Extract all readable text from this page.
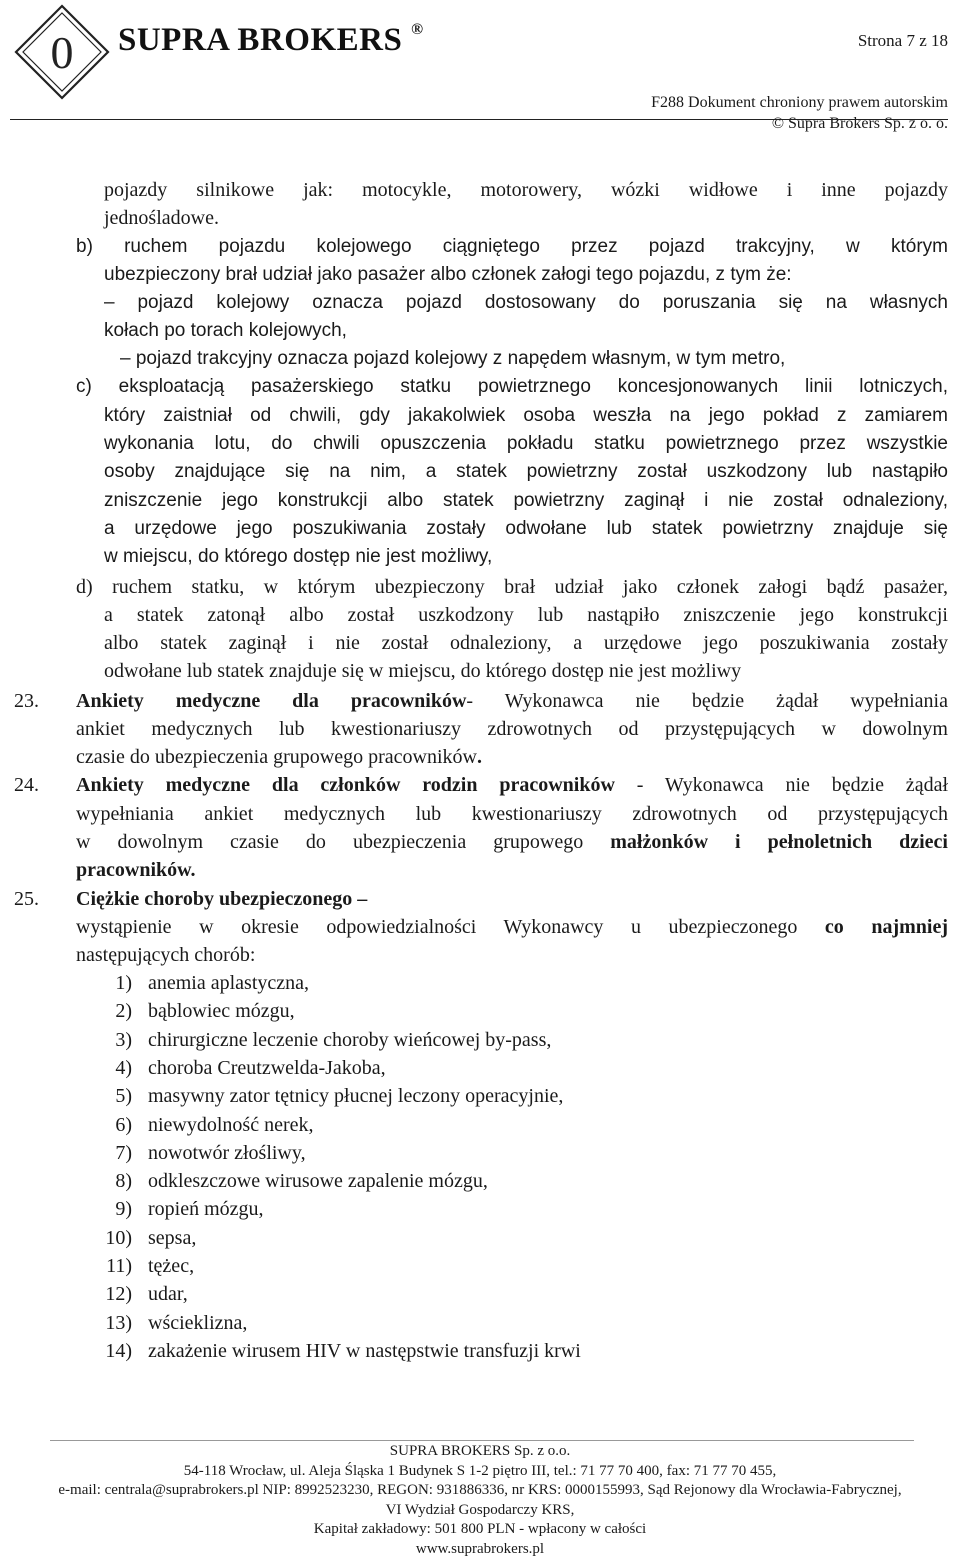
0 SUPRA BROKERS ®
Strona 7 z 18
F288 Dokument chroniony prawem autorskim
© Supra Brokers Sp. z o. o.
pojazdy silnikowe jak: motocykle, motorowery, wózki widłowe i inne pojazdy
jednośladowe.
b) ruchem pojazdu kolejowego ciągniętego przez pojazd trakcyjny, w którym
ubezpieczony brał udział jako pasażer albo członek załogi tego pojazdu, z tym że:
– pojazd kolejowy oznacza pojazd dostosowany do poruszania się na własnych
kołach po torach kolejowych,
– pojazd trakcyjny oznacza pojazd kolejowy z napędem własnym, w tym metro,
c) eksploatacją pasażerskiego statku powietrznego koncesjonowanych linii lotniczych,
który zaistniał od chwili, gdy jakakolwiek osoba weszła na jego pokład z zamiarem
wykonania lotu, do chwili opuszczenia pokładu statku powietrznego przez wszystkie
osoby znajdujące się na nim, a statek powietrzny został uszkodzony lub nastąpiło
zniszczenie jego konstrukcji albo statek powietrzny zaginął i nie został odnaleziony,
a urzędowe jego poszukiwania zostały odwołane lub statek powietrzny znajduje się
w miejscu, do którego dostęp nie jest możliwy,
d) ruchem statku, w którym ubezpieczony brał udział jako członek załogi bądź pasażer,
a statek zatonął albo został uszkodzony lub nastąpiło zniszczenie jego konstrukcji
albo statek zaginął i nie został odnaleziony, a urzędowe jego poszukiwania zostały
odwołane lub statek znajduje się w miejscu, do którego dostęp nie jest możliwy
23. Ankiety medyczne dla pracowników- Wykonawca nie będzie żądał wypełniania
ankiet medycznych lub kwestionariuszy zdrowotnych od przystępujących w dowolnym
czasie do ubezpieczenia grupowego pracowników.
24. Ankiety medyczne dla członków rodzin pracowników - Wykonawca nie będzie żądał
wypełniania ankiet medycznych lub kwestionariuszy zdrowotnych od przystępujących
w dowolnym czasie do ubezpieczenia grupowego małżonków i pełnoletnich dzieci
pracowników.
25. Ciężkie choroby ubezpieczonego –
wystąpienie w okresie odpowiedzialności Wykonawcy u ubezpieczonego co najmniej
następujących chorób:
1) anemia aplastyczna,
2) bąblowiec mózgu,
3) chirurgiczne leczenie choroby wieńcowej by-pass,
4) choroba Creutzwelda-Jakoba,
5) masywny zator tętnicy płucnej leczony operacyjnie,
6) niewydolność nerek,
7) nowotwór złośliwy,
8) odkleszczowe wirusowe zapalenie mózgu,
9) ropień mózgu,
10) sepsa,
11) tężec,
12) udar,
13) wścieklizna,
14) zakażenie wirusem HIV w następstwie transfuzji krwi
SUPRA BROKERS Sp. z o.o.
54-118 Wrocław, ul. Aleja Śląska 1 Budynek S 1-2 piętro III, tel.: 71 77 70 400, fax: 71 77 70 455,
e-mail: centrala@suprabrokers.pl NIP: 8992523230, REGON: 931886336, nr KRS: 0000155993, Sąd Rejonowy dla Wrocławia-Fabrycznej,
VI Wydział Gospodarczy KRS,
Kapitał zakładowy: 501 800 PLN - wpłacony w całości
www.suprabrokers.pl
